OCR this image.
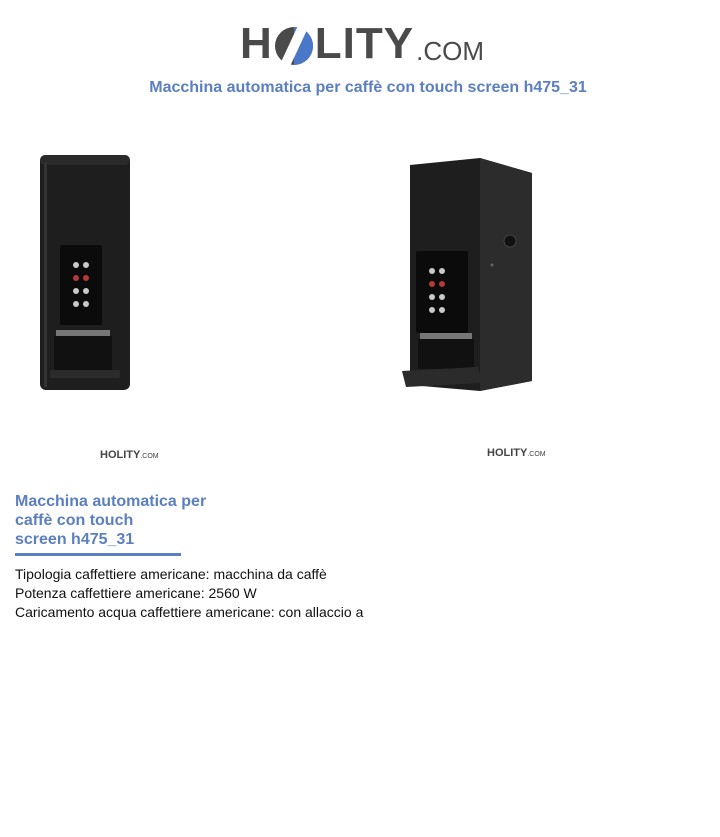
H LITY .COM
Macchina automatica per caffè con touch screen h475_31
HOLITY .COM	HOLITY .COM
Macchina automatica per
caffè con touch
screen h475_31
Tipologia caffettiere americane: macchina da caffè
Potenza caffettiere americane: 2560 W
Caricamento acqua caffettiere americane: con allaccio a
